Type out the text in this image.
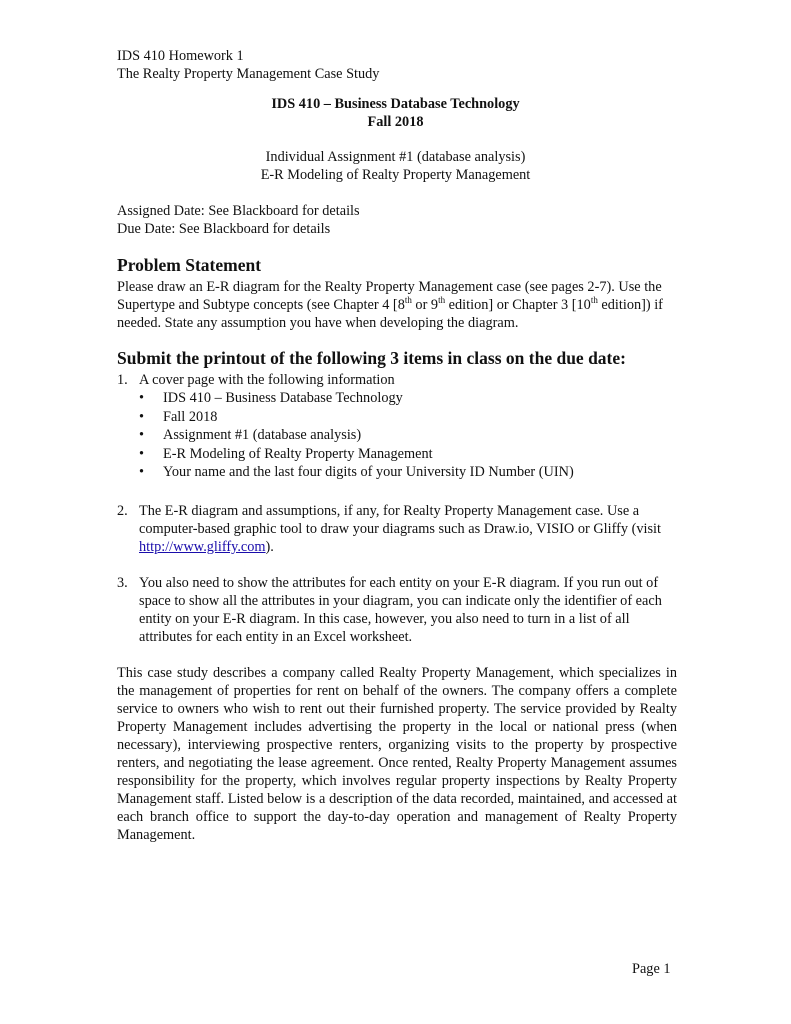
IDS 410 Homework 1
The Realty Property Management Case Study
IDS 410 – Business Database Technology
Fall 2018
Individual Assignment #1 (database analysis)
E-R Modeling of Realty Property Management
Assigned Date: See Blackboard for details
Due Date: See Blackboard for details
Problem Statement
Please draw an E-R diagram for the Realty Property Management case (see pages 2-7). Use the Supertype and Subtype concepts (see Chapter 4 [8th or 9th edition] or Chapter 3 [10th edition]) if needed. State any assumption you have when developing the diagram.
Submit the printout of the following 3 items in class on the due date:
1. A cover page with the following information
• IDS 410 – Business Database Technology
• Fall 2018
• Assignment #1 (database analysis)
• E-R Modeling of Realty Property Management
• Your name and the last four digits of your University ID Number (UIN)
2. The E-R diagram and assumptions, if any, for Realty Property Management case. Use a computer-based graphic tool to draw your diagrams such as Draw.io, VISIO or Gliffy (visit http://www.gliffy.com).
3. You also need to show the attributes for each entity on your E-R diagram. If you run out of space to show all the attributes in your diagram, you can indicate only the identifier of each entity on your E-R diagram. In this case, however, you also need to turn in a list of all attributes for each entity in an Excel worksheet.
This case study describes a company called Realty Property Management, which specializes in the management of properties for rent on behalf of the owners. The company offers a complete service to owners who wish to rent out their furnished property. The service provided by Realty Property Management includes advertising the property in the local or national press (when necessary), interviewing prospective renters, organizing visits to the property by prospective renters, and negotiating the lease agreement. Once rented, Realty Property Management assumes responsibility for the property, which involves regular property inspections by Realty Property Management staff. Listed below is a description of the data recorded, maintained, and accessed at each branch office to support the day-to-day operation and management of Realty Property Management.
Page 1
